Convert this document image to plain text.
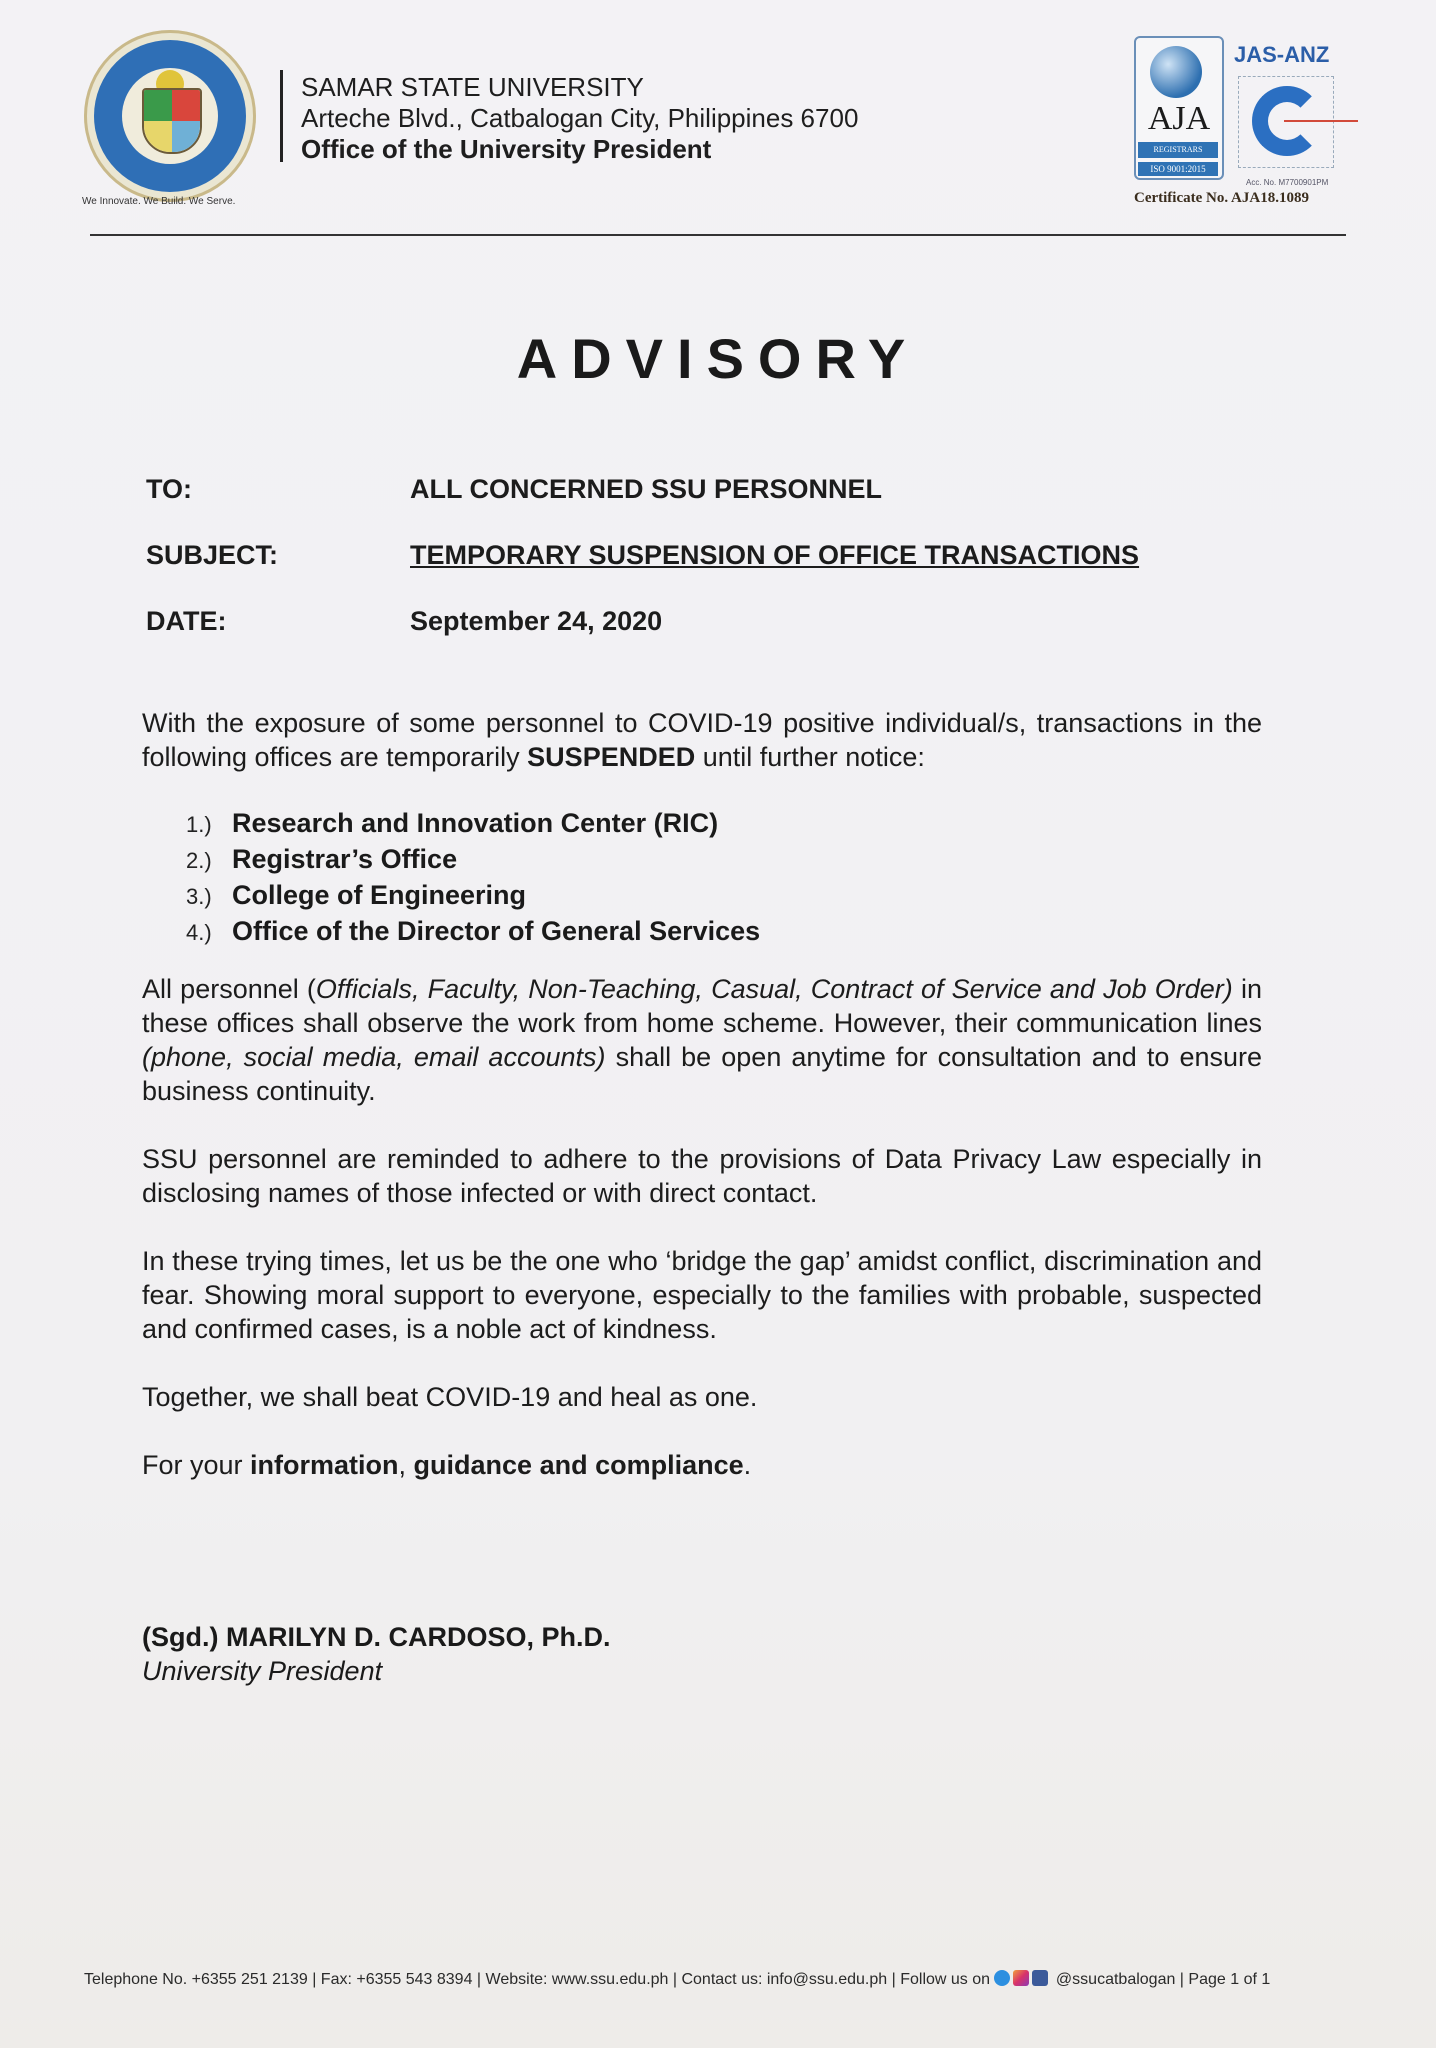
We Innovate. We Build. We Serve.
SAMAR STATE UNIVERSITY
Arteche Blvd., Catbalogan City, Philippines 6700
Office of the University President
AJA
REGISTRARS
ISO 9001:2015
JAS-ANZ
Acc. No. M7700901PM
Certificate No. AJA18.1089
ADVISORY
TO:	ALL CONCERNED SSU PERSONNEL
SUBJECT:	TEMPORARY SUSPENSION OF OFFICE TRANSACTIONS
DATE:	September 24, 2020
With the exposure of some personnel to COVID-19 positive individual/s, transactions in the following offices are temporarily SUSPENDED until further notice:
1.) Research and Innovation Center (RIC)
2.) Registrar’s Office
3.) College of Engineering
4.) Office of the Director of General Services
All personnel (Officials, Faculty, Non-Teaching, Casual, Contract of Service and Job Order) in these offices shall observe the work from home scheme. However, their communication lines (phone, social media, email accounts) shall be open anytime for consultation and to ensure business continuity.
SSU personnel are reminded to adhere to the provisions of Data Privacy Law especially in disclosing names of those infected or with direct contact.
In these trying times, let us be the one who ‘bridge the gap’ amidst conflict, discrimination and fear. Showing moral support to everyone, especially to the families with probable, suspected and confirmed cases, is a noble act of kindness.
Together, we shall beat COVID-19 and heal as one.
For your information, guidance and compliance.
(Sgd.) MARILYN D. CARDOSO, Ph.D.
University President
Telephone No. +6355 251 2139 | Fax: +6355 543 8394 | Website: www.ssu.edu.ph | Contact us: info@ssu.edu.ph | Follow us on	@ssucatbalogan | Page 1 of 1
